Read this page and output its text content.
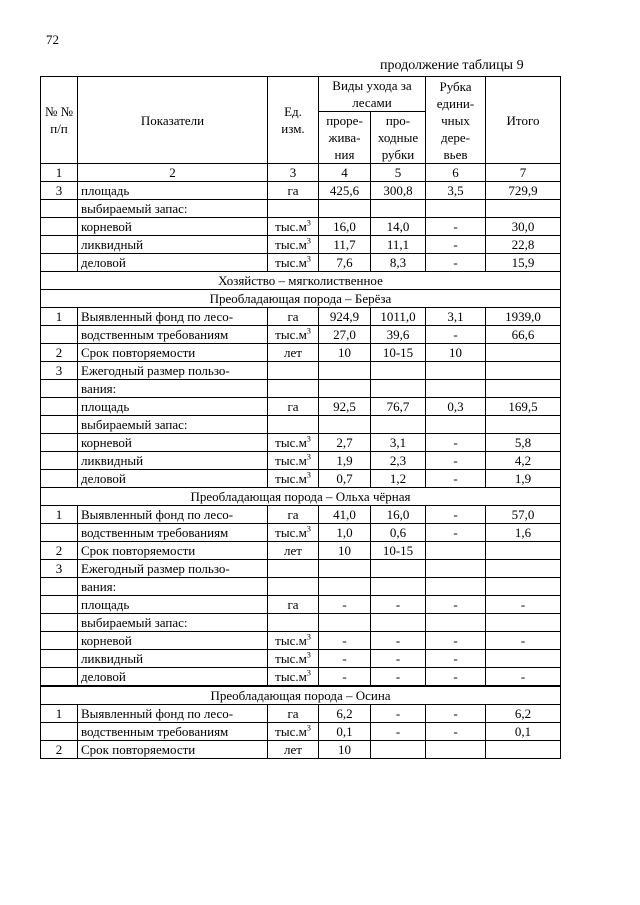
72
продолжение таблицы 9
№ № п/п	Показатели	Ед. изм.	Виды ухода за лесами		Рубка едини- чных дере- вьев	Итого
			проре- жива- ния	про- ходные рубки		
1	2	3	4	5	6	7
3	площадь	га	425,6	300,8	3,5	729,9
	выбираемый запас:					
	корневой	$тыс.м^3$	16,0	14,0	-	30,0
	ликвидный	$тыс.м^3$	11,7	11,1	-	22,8
	деловой	$тыс.м^3$	7,6	8,3	-	15,9
Хозяйство – мягколиственное						
Преобладающая порода – Берёза						
1	Выявленный фонд по лесо-	га	924,9	1011,0	3,1	1939,0
	водственным требованиям	$тыс.м^3$	27,0	39,6	-	66,6
2	Срок повторяемости	лет	10	10-15	10	
3	Ежегодный размер пользо-					
	вания:					
	площадь	га	92,5	76,7	0,3	169,5
	выбираемый запас:					
	корневой	$тыс.м^3$	2,7	3,1	-	5,8
	ликвидный	$тыс.м^3$	1,9	2,3	-	4,2
	деловой	$тыс.м^3$	0,7	1,2	-	1,9
Преобладающая порода – Ольха чёрная						
1	Выявленный фонд по лесо-	га	41,0	16,0	-	57,0
	водственным требованиям	$тыс.м^3$	1,0	0,6	-	1,6
2	Срок повторяемости	лет	10	10-15		
3	Ежегодный размер пользо-					
	вания:					
	площадь	га	-	-	-	-
	выбираемый запас:					
	корневой	$тыс.м^3$	-	-	-	-
	ликвидный	$тыс.м^3$	-	-	-	
	деловой	$тыс.м^3$	-	-	-	-

Преобладающая порода – Осина						
1	Выявленный фонд по лесо-	га	6,2	-	-	6,2
	водственным требованиям	$тыс.м^3$	0,1	-	-	0,1
2	Срок повторяемости	лет	10			
